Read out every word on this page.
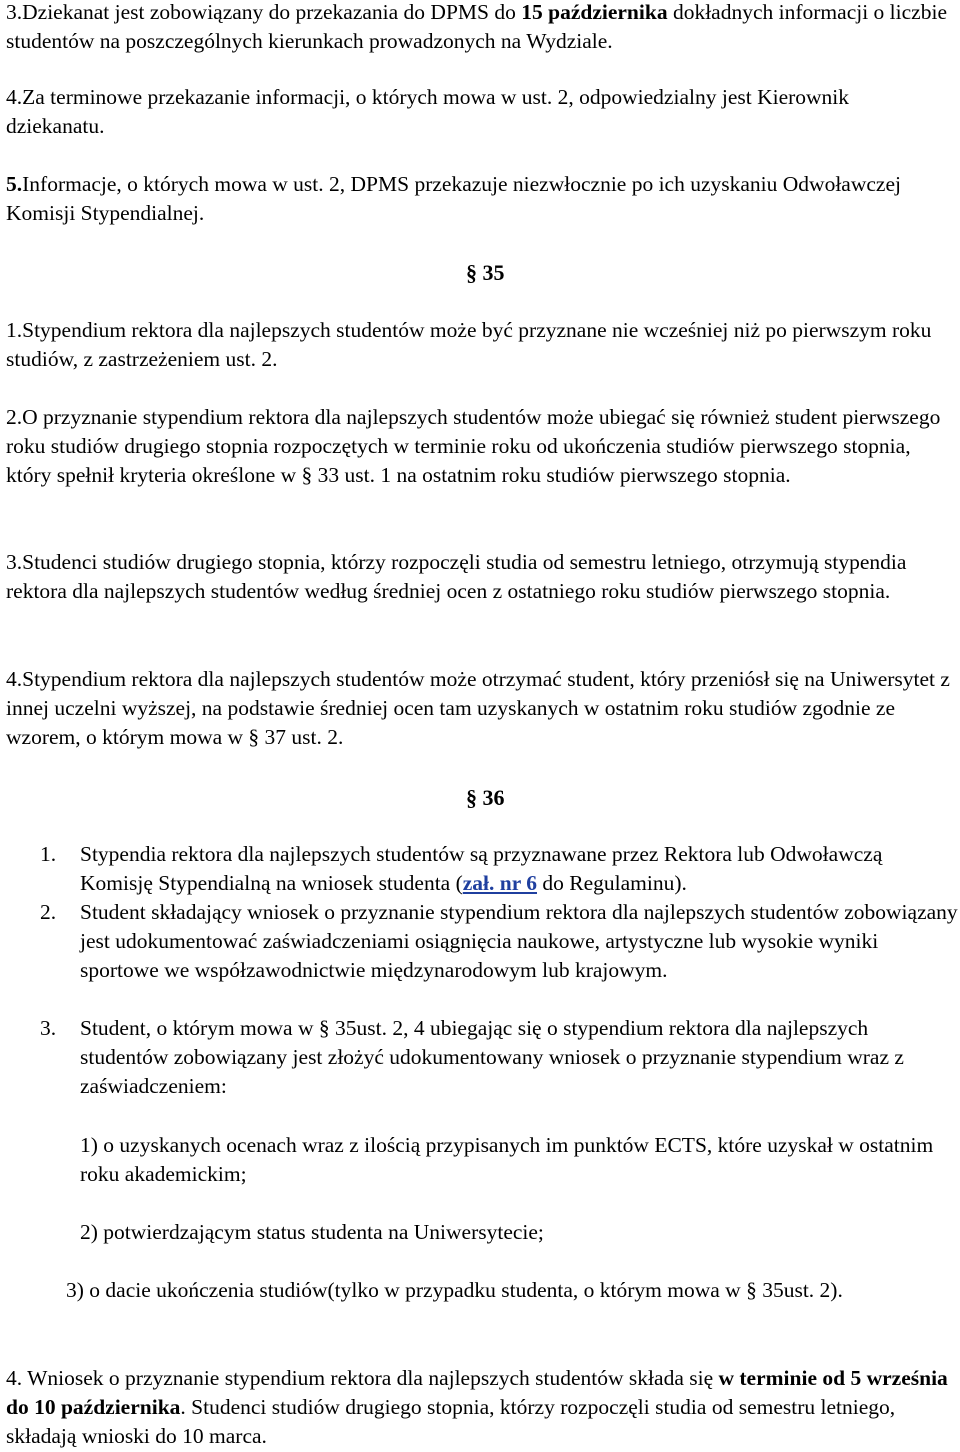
3.Dziekanat jest zobowiązany do przekazania do DPMS do 15 października dokładnych informacji o liczbie studentów na poszczególnych kierunkach prowadzonych na Wydziale.

4.Za terminowe przekazanie informacji, o których mowa w ust. 2, odpowiedzialny jest Kierownik dziekanatu.

5.Informacje, o których mowa w ust. 2, DPMS przekazuje niezwłocznie po ich uzyskaniu Odwoławczej Komisji Stypendialnej.

§ 35

1.Stypendium rektora dla najlepszych studentów może być przyznane nie wcześniej niż po pierwszym roku studiów, z zastrzeżeniem ust. 2.

2.O przyznanie stypendium rektora dla najlepszych studentów może ubiegać się również student pierwszego roku studiów drugiego stopnia rozpoczętych w terminie roku od ukończenia studiów pierwszego stopnia, który spełnił kryteria określone w § 33 ust. 1 na ostatnim roku studiów pierwszego stopnia.

3.Studenci studiów drugiego stopnia, którzy rozpoczęli studia od semestru letniego, otrzymują stypendia rektora dla najlepszych studentów według średniej ocen z ostatniego roku studiów pierwszego stopnia.

4.Stypendium rektora dla najlepszych studentów może otrzymać student, który przeniósł się na Uniwersytet z innej uczelni wyższej, na podstawie średniej ocen tam uzyskanych w ostatnim roku studiów zgodnie ze wzorem, o którym mowa w § 37 ust. 2.

§ 36
1. Stypendia rektora dla najlepszych studentów są przyznawane przez Rektora lub Odwoławczą Komisję Stypendialną na wniosek studenta (zał. nr 6 do Regulaminu).

2. Student składający wniosek o przyznanie stypendium rektora dla najlepszych studentów zobowiązany jest udokumentować zaświadczeniami osiągnięcia naukowe, artystyczne lub wysokie wyniki sportowe we współzawodnictwie międzynarodowym lub krajowym.

3. Student, o którym mowa w § 35ust. 2, 4 ubiegając się o stypendium rektora dla najlepszych studentów zobowiązany jest złożyć udokumentowany wniosek o przyznanie stypendium wraz z zaświadczeniem:

1) o uzyskanych ocenach wraz z ilością przypisanych im punktów ECTS, które uzyskał w ostatnim roku akademickim;

2) potwierdzającym status studenta na Uniwersytecie;

3) o dacie ukończenia studiów(tylko w przypadku studenta, o którym mowa w § 35ust. 2).

4. Wniosek o przyznanie stypendium rektora dla najlepszych studentów składa się w terminie od 5 września do 10 października. Studenci studiów drugiego stopnia, którzy rozpoczęli studia od semestru letniego, składają wnioski do 10 marca.
